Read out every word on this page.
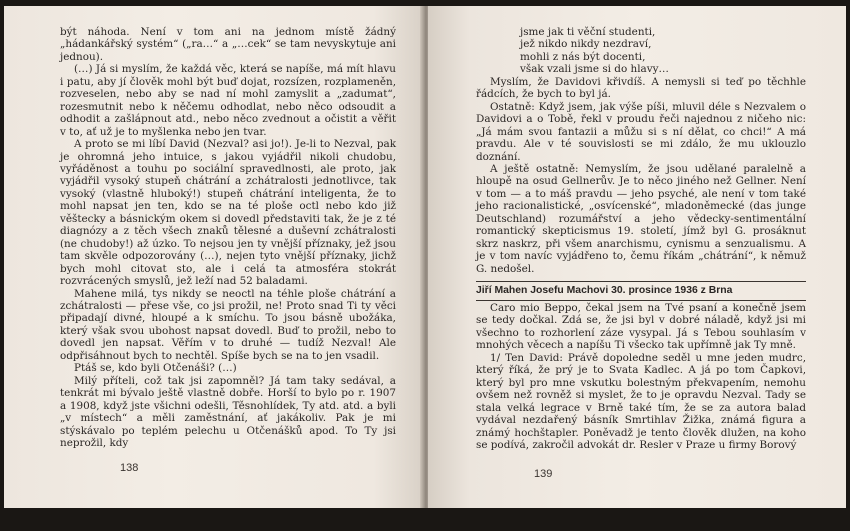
být náhoda. Není v tom ani na jednom místě žádný „hádankářský systém“ („ra…“ a „…cek“ se tam nevyskytuje ani jednou).

(…) Já si myslím, že každá věc, která se napíše, má mít hlavu i patu, aby jí člověk mohl být buď dojat, rozsízen, rozplameněn, rozveselen, nebo aby se nad ní mohl zamyslit a „zadumat“, rozesmutnit nebo k něčemu odhodlat, nebo něco odsoudit a odhodit a zašlápnout atd., nebo něco zvednout a očistit a věřit v to, ať už je to myšlenka nebo jen tvar.

A proto se mi líbí David (Nezval? asi jo!). Je-li to Nezval, pak je ohromná jeho intuice, s jakou vyjádřil nikoli chudobu, vyřáděnost a touhu po sociální spravedlnosti, ale proto, jak vyjádřil vysoký stupeň chátrání a zchátralosti jednotlivce, tak vysoký (vlastně hluboký!) stupeň chátrání inteligenta, že to mohl napsat jen ten, kdo se na té ploše octl nebo kdo již věštecky a básnickým okem si dovedl představiti tak, že je z té diagnózy a z těch všech znaků tělesné a duševní zchátralosti (ne chudoby!) až úzko. To nejsou jen ty vnější příznaky, jež jsou tam skvěle odpozorovány (…), nejen tyto vnější příznaky, jichž bych mohl citovat sto, ale i celá ta atmosféra stokrát rozvrácených smyslů, jež leží nad 52 baladami.

Mahene milá, tys nikdy se neoctl na téhle ploše chátrání a zchátralosti — přese vše, co jsi prožil, ne! Proto snad Ti ty věci připadají divné, hloupé a k smíchu. To jsou básně ubožáka, který však svou ubohost napsat dovedl. Buď to prožil, nebo to dovedl jen napsat. Věřím v to druhé — tudíž Nezval! Ale odpřisáhnout bych to nechtěl. Spíše bych se na to jen vsadil.

Ptáš se, kdo byli Otčenáši? (…)

Milý příteli, což tak jsi zapomněl? Já tam taky sedával, a tenkrát mi bývalo ještě vlastně dobře. Horší to bylo po r. 1907 a 1908, když jste všichni odešli, Těsnohlídek, Ty atd. atd. a byli „v místech“ a měli zaměstnání, ať jakákoliv. Pak je mi stýskávalo po teplém pelechu u Otčenášků apod. To Ty jsi neprožil, kdy

138
jsme jak ti věční studenti,
jež nikdo nikdy nezdraví,
mohli z nás být docenti,
však vzali jsme si do hlavy…

Myslím, že Davidovi křivdíš. A nemysli si teď po těchhle řádcích, že bych to byl já.

Ostatně: Když jsem, jak výše píši, mluvil déle s Nezvalem o Davidovi a o Tobě, řekl v proudu řeči najednou z ničeho nic: „Já mám svou fantazii a můžu si s ní dělat, co chci!“ A má pravdu. Ale v té souvislosti se mi zdálo, že mu uklouzlo doznání.

A ještě ostatně: Nemyslím, že jsou udělané paralelně a hloupě na osud Gellnerův. Je to něco jiného než Gellner. Není v tom — a to máš pravdu — jeho psyché, ale není v tom také jeho racionalistické, „osvícenské“, mladoněmecké (das junge Deutschland) rozumářství a jeho vědecky-sentimentální romantický skepticismus 19. století, jímž byl G. prosáknut skrz naskrz, při všem anarchismu, cynismu a senzualismu. A je v tom navíc vyjádřeno to, čemu říkám „chátrání“, k němuž G. nedošel.

Jiří Mahen Josefu Machovi 30. prosince 1936 z Brna

Caro mio Beppo, čekal jsem na Tvé psaní a konečně jsem se tedy dočkal. Zdá se, že jsi byl v dobré náladě, když jsi mi všechno to rozhorlení záze vysypal. Já s Tebou souhlasím v mnohých věcech a napíšu Ti všecko tak upřímně jak Ty mně.

1/ Ten David: Právě dopoledne seděl u mne jeden mudrc, který říká, že prý je to Svata Kadlec. A já po tom Čapkovi, který byl pro mne vskutku bolestným překvapením, nemohu ovšem než rovněž si myslet, že to je opravdu Nezval. Tady se stala velká legrace v Brně také tím, že se za autora balad vydával nezdařený básník Smrtihlav Žižka, známá figura a známý hochštapler. Poněvadž je tento člověk dlužen, na koho se podívá, zakročil advokát dr. Resler v Praze u firmy Borový

139
